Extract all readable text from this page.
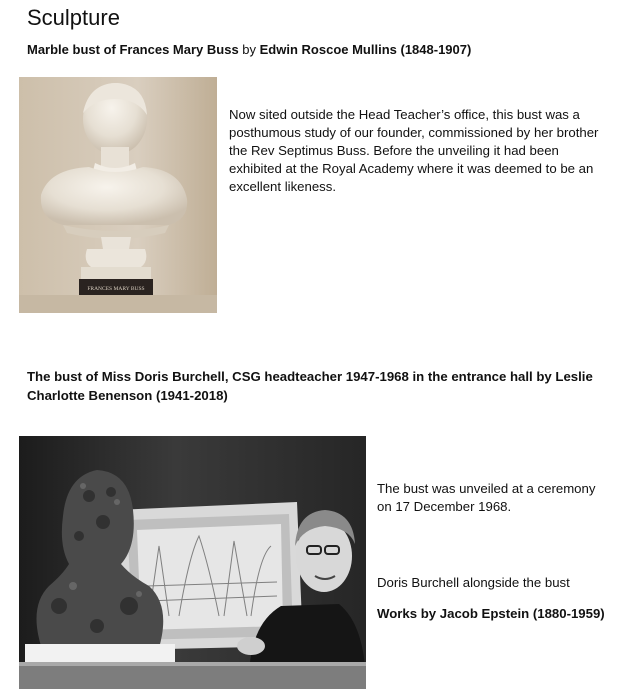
Sculpture

Marble bust of Frances Mary Buss by Edwin Roscoe Mullins (1848-1907)

FRANCES MARY BUSS

Now sited outside the Head Teacher’s office, this bust was a posthumous study of our founder, commissioned by her brother the Rev Septimus Buss. Before the unveiling it had been exhibited at the Royal Academy where it was deemed to be an excellent likeness.

The bust of Miss Doris Burchell, CSG headteacher 1947-1968 in the entrance hall by Leslie Charlotte Benenson (1941-2018)

The bust was unveiled at a ceremony on 17 December 1968.

Doris Burchell alongside the bust

Works by Jacob Epstein (1880-1959)
